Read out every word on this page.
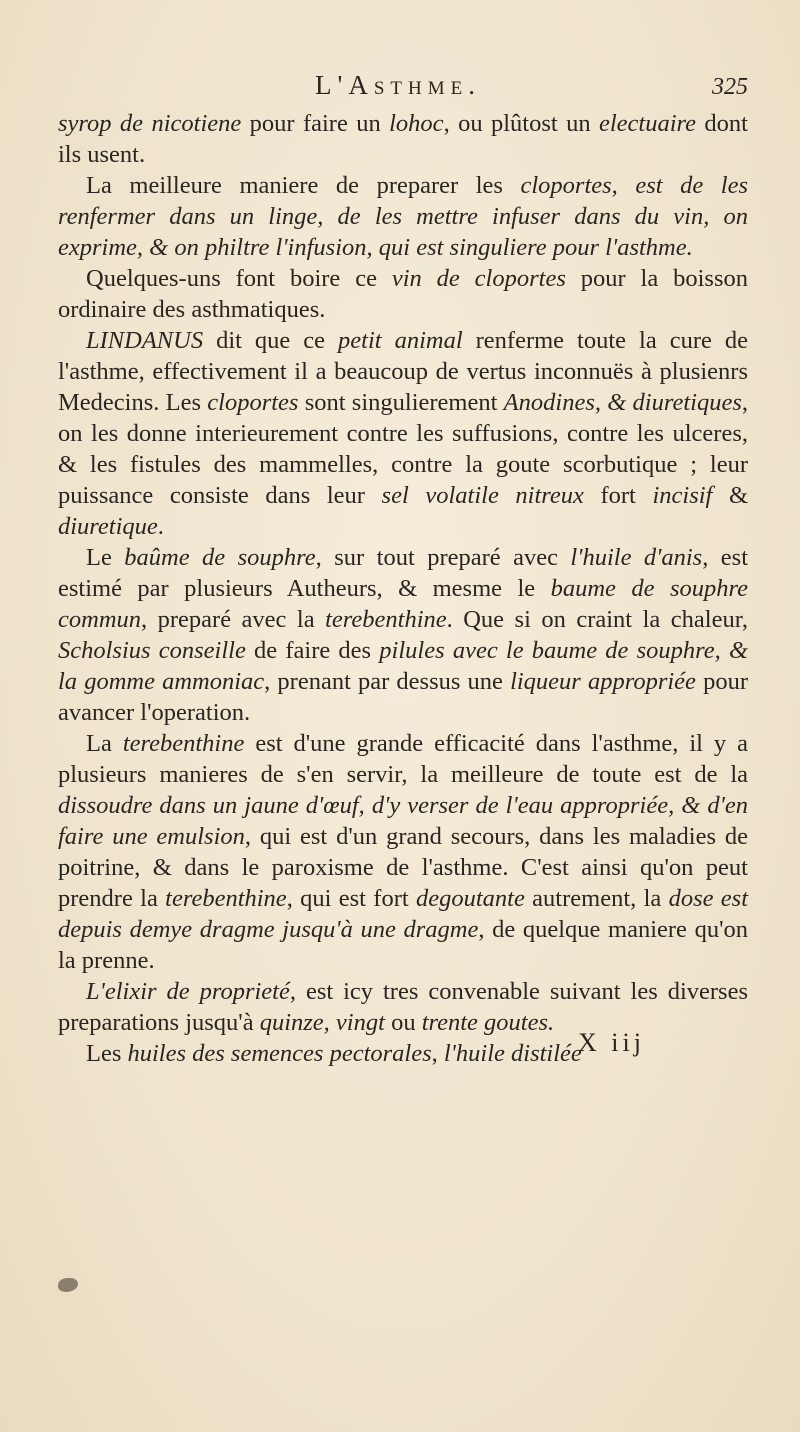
L'Asthme.	325

syrop de nicotiene pour faire un lohoc, ou plûtost un electuaire dont ils usent.

La meilleure maniere de preparer les cloportes, est de les renfermer dans un linge, de les mettre infuser dans du vin, on exprime, & on philtre l'infusion, qui est singuliere pour l'asthme.

Quelques-uns font boire ce vin de cloportes pour la boisson ordinaire des asthmatiques.

LINDANUS dit que ce petit animal renferme toute la cure de l'asthme, effectivement il a beaucoup de vertus inconnuës à plusienrs Medecins. Les cloportes sont singulierement Anodines, & diuretiques, on les donne interieurement contre les suffusions, contre les ulceres, & les fistules des mammelles, contre la goute scorbutique ; leur puissance consiste dans leur sel volatile nitreux fort incisif & diuretique.

Le baûme de souphre, sur tout preparé avec l'huile d'anis, est estimé par plusieurs Autheurs, & mesme le baume de souphre commun, preparé avec la terebenthine. Que si on craint la chaleur, Scholsius conseille de faire des pilules avec le baume de souphre, & la gomme ammoniac, prenant par dessus une liqueur appropriée pour avancer l'operation.

La terebenthine est d'une grande efficacité dans l'asthme, il y a plusieurs manieres de s'en servir, la meilleure de toute est de la dissoudre dans un jaune d'œuf, d'y verser de l'eau appropriée, & d'en faire une emulsion, qui est d'un grand secours, dans les maladies de poitrine, & dans le paroxisme de l'asthme. C'est ainsi qu'on peut prendre la terebenthine, qui est fort degoutante autrement, la dose est depuis demye dragme jusqu'à une dragme, de quelque maniere qu'on la prenne.

L'elixir de proprieté, est icy tres convenable suivant les diverses preparations jusqu'à quinze, vingt ou trente goutes.

Les huiles des semences pectorales, l'huile distilée

X iij
